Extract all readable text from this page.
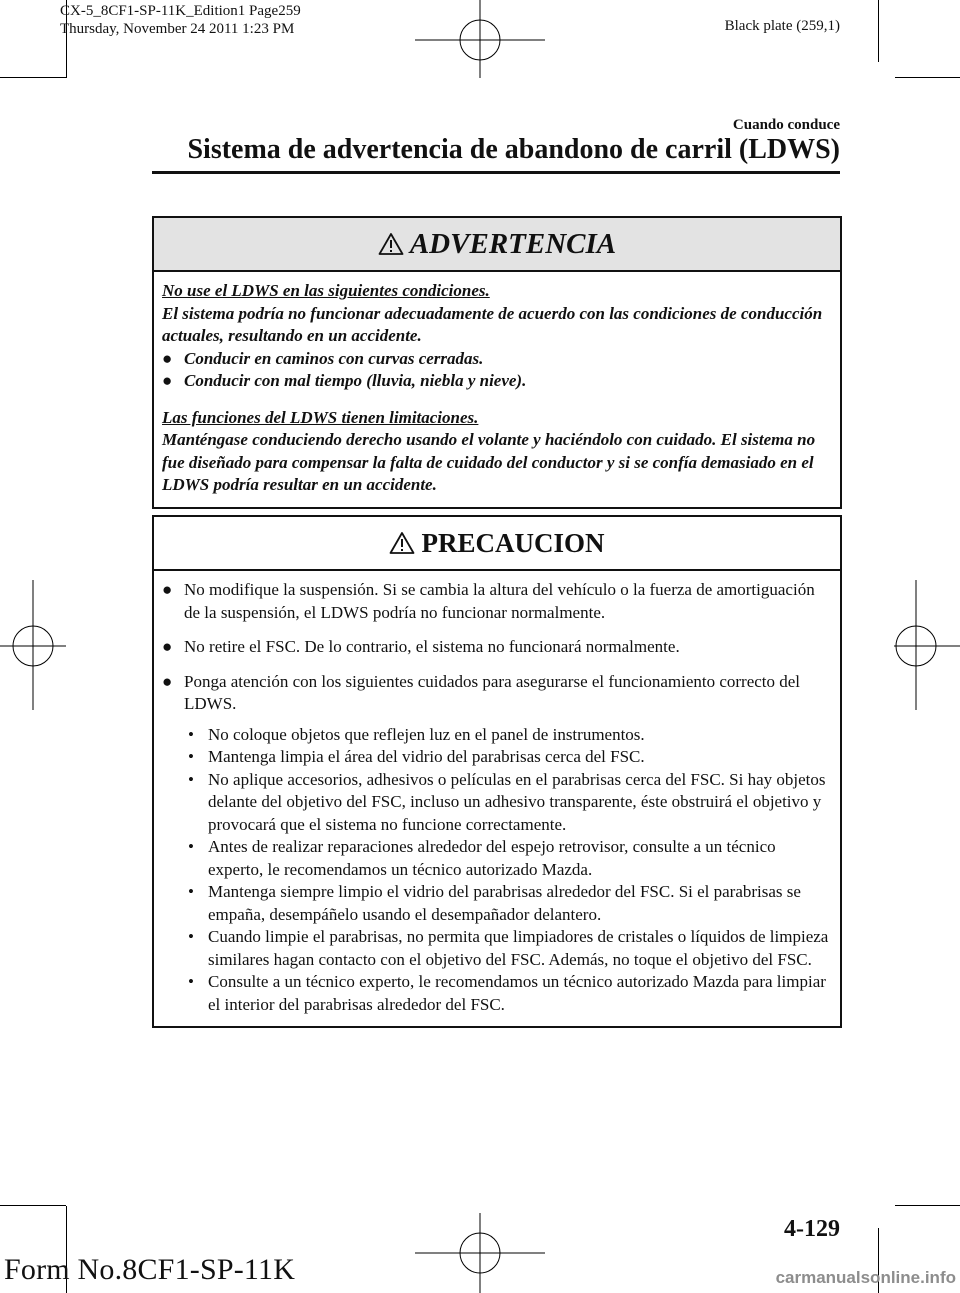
CX-5_8CF1-SP-11K_Edition1 Page259
Thursday, November 24 2011 1:23 PM	Black plate (259,1)
Cuando conduce
Sistema de advertencia de abandono de carril (LDWS)
ADVERTENCIA
No use el LDWS en las siguientes condiciones.
El sistema podría no funcionar adecuadamente de acuerdo con las condiciones de conducción actuales, resultando en un accidente.
● Conducir en caminos con curvas cerradas.
● Conducir con mal tiempo (lluvia, niebla y nieve).
Las funciones del LDWS tienen limitaciones.
Manténgase conduciendo derecho usando el volante y haciéndolo con cuidado. El sistema no fue diseñado para compensar la falta de cuidado del conductor y si se confía demasiado en el LDWS podría resultar en un accidente.
PRECAUCION
● No modifique la suspensión. Si se cambia la altura del vehículo o la fuerza de amortiguación de la suspensión, el LDWS podría no funcionar normalmente.
● No retire el FSC. De lo contrario, el sistema no funcionará normalmente.
● Ponga atención con los siguientes cuidados para asegurarse el funcionamiento correcto del LDWS.
• No coloque objetos que reflejen luz en el panel de instrumentos.
• Mantenga limpia el área del vidrio del parabrisas cerca del FSC.
• No aplique accesorios, adhesivos o películas en el parabrisas cerca del FSC. Si hay objetos delante del objetivo del FSC, incluso un adhesivo transparente, éste obstruirá el objetivo y provocará que el sistema no funcione correctamente.
• Antes de realizar reparaciones alrededor del espejo retrovisor, consulte a un técnico experto, le recomendamos un técnico autorizado Mazda.
• Mantenga siempre limpio el vidrio del parabrisas alrededor del FSC. Si el parabrisas se empaña, desempáñelo usando el desempañador delantero.
• Cuando limpie el parabrisas, no permita que limpiadores de cristales o líquidos de limpieza similares hagan contacto con el objetivo del FSC. Además, no toque el objetivo del FSC.
• Consulte a un técnico experto, le recomendamos un técnico autorizado Mazda para limpiar el interior del parabrisas alrededor del FSC.
4-129
Form No.8CF1-SP-11K	carmanualsonline.info
